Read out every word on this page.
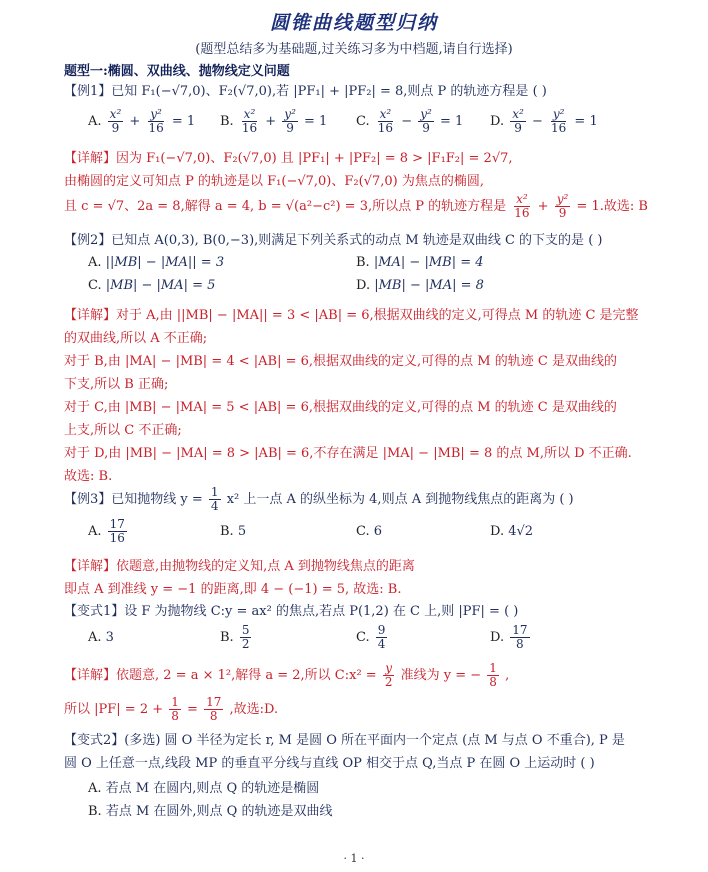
圆锥曲线题型归纳
(题型总结多为基础题,过关练习多为中档题,请自行选择)
题型一:椭圆、双曲线、抛物线定义问题
【例1】已知 F₁(−√7,0)、F₂(√7,0),若 |PF₁| + |PF₂| = 8,则点 P 的轨迹方程是 ( )
A. $\frac{\text{x²}}{9} + \frac{\text{y²}}{16} = 1$ B. $\frac{\text{x²}}{16} + \frac{\text{y²}}{9} = 1$ C. $\frac{\text{x²}}{16} - \frac{\text{y²}}{9} = 1$ D. $\frac{\text{x²}}{9} - \frac{\text{y²}}{16} = 1$
【详解】因为 F₁(−√7,0)、F₂(√7,0) 且 |PF₁| + |PF₂| = 8 > |F₁F₂| = 2√7,
由椭圆的定义可知点 P 的轨迹是以 F₁(−√7,0)、F₂(√7,0) 为焦点的椭圆,
且 c = √7、2a = 8,解得 a = 4, b = √(a²−c²) = 3,所以点 P 的轨迹方程是 $\frac{\text{x²}}{16} + \frac{\text{y²}}{9} = 1$.故选: B
【例2】已知点 A(0,3), B(0,−3),则满足下列关系式的动点 M 轨迹是双曲线 C 的下支的是 ( )
A. ||MB| − |MA|| = 3	B. |MA| − |MB| = 4
C. |MB| − |MA| = 5	D. |MB| − |MA| = 8
【详解】对于 A,由 ||MB| − |MA|| = 3 < |AB| = 6,根据双曲线的定义,可得点 M 的轨迹 C 是完整
的双曲线,所以 A 不正确;
对于 B,由 |MA| − |MB| = 4 < |AB| = 6,根据双曲线的定义,可得的点 M 的轨迹 C 是双曲线的
下支,所以 B 正确;
对于 C,由 |MB| − |MA| = 5 < |AB| = 6,根据双曲线的定义,可得的点 M 的轨迹 C 是双曲线的
上支,所以 C 不正确;
对于 D,由 |MB| − |MA| = 8 > |AB| = 6,不存在满足 |MA| − |MB| = 8 的点 M,所以 D 不正确.
故选: B.
【例3】已知抛物线 $y = \frac{1}{4} x^2$ 上一点 A 的纵坐标为 4,则点 A 到抛物线焦点的距离为 ( )
A. $\frac{17}{16}$	B. 5	C. 6	D. 4√2
【详解】依题意,由抛物线的定义知,点 A 到抛物线焦点的距离
即点 A 到准线 y = −1 的距离,即 4 − (−1) = 5, 故选: B.
【变式1】设 F 为抛物线 C:y = ax² 的焦点,若点 P(1,2) 在 C 上,则 |PF| = ( )
A. 3	B. $\frac{5}{2}$	C. $\frac{9}{4}$	D. $\frac{17}{8}$
【详解】依题意, 2 = a × 1²,解得 a = 2,所以 C:x² = $\frac{y}{2}$ 准线为 y = − $\frac{1}{8}$ ,
所以 $|PF| = 2 + \frac{1}{8} = \frac{17}{8}$ ,故选:D.
【变式2】(多选) 圆 O 半径为定长 r, M 是圆 O 所在平面内一个定点 (点 M 与点 O 不重合), P 是
圆 O 上任意一点,线段 MP 的垂直平分线与直线 OP 相交于点 Q,当点 P 在圆 O 上运动时 ( )
A. 若点 M 在圆内,则点 Q 的轨迹是椭圆
B. 若点 M 在圆外,则点 Q 的轨迹是双曲线
· 1 ·
